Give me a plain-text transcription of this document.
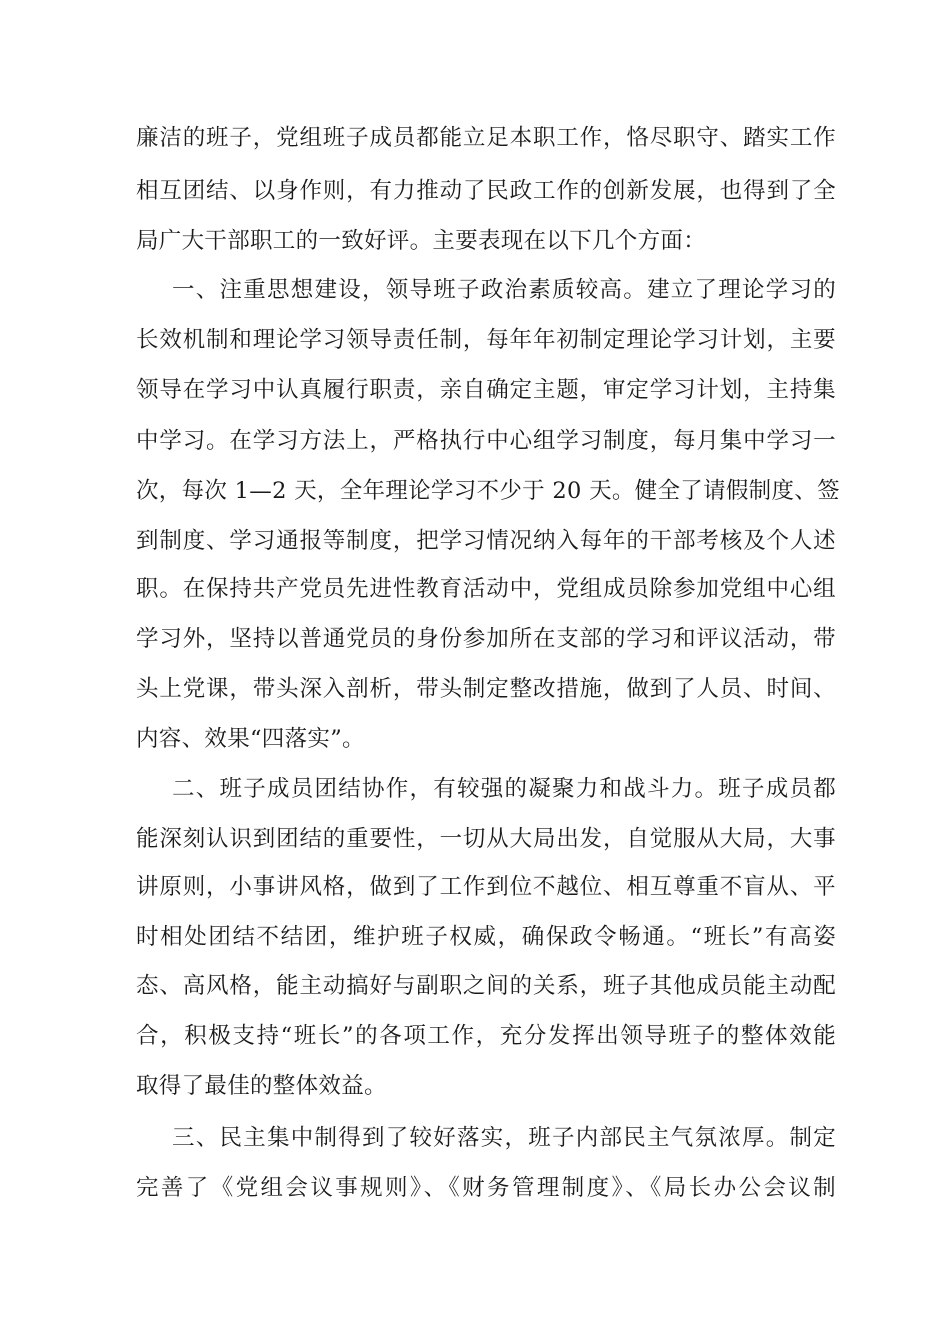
廉洁的班子，党组班子成员都能立足本职工作，恪尽职守、踏实工作
相互团结、以身作则，有力推动了民政工作的创新发展，也得到了全
局广大干部职工的一致好评。主要表现在以下几个方面：
一、注重思想建设，领导班子政治素质较高。建立了理论学习的
长效机制和理论学习领导责任制，每年年初制定理论学习计划，主要
领导在学习中认真履行职责，亲自确定主题，审定学习计划，主持集
中学习。在学习方法上，严格执行中心组学习制度，每月集中学习一
次，每次 1—2 天，全年理论学习不少于 20 天。健全了请假制度、签
到制度、学习通报等制度，把学习情况纳入每年的干部考核及个人述
职。在保持共产党员先进性教育活动中，党组成员除参加党组中心组
学习外，坚持以普通党员的身份参加所在支部的学习和评议活动，带
头上党课，带头深入剖析，带头制定整改措施，做到了人员、时间、
内容、效果“四落实”。
二、班子成员团结协作，有较强的凝聚力和战斗力。班子成员都
能深刻认识到团结的重要性，一切从大局出发，自觉服从大局，大事
讲原则，小事讲风格，做到了工作到位不越位、相互尊重不盲从、平
时相处团结不结团，维护班子权威，确保政令畅通。“班长”有高姿
态、高风格，能主动搞好与副职之间的关系，班子其他成员能主动配
合，积极支持“班长”的各项工作，充分发挥出领导班子的整体效能
取得了最佳的整体效益。
三、民主集中制得到了较好落实，班子内部民主气氛浓厚。制定
完善了《党组会议事规则》、《财务管理制度》、《局长办公会议制
